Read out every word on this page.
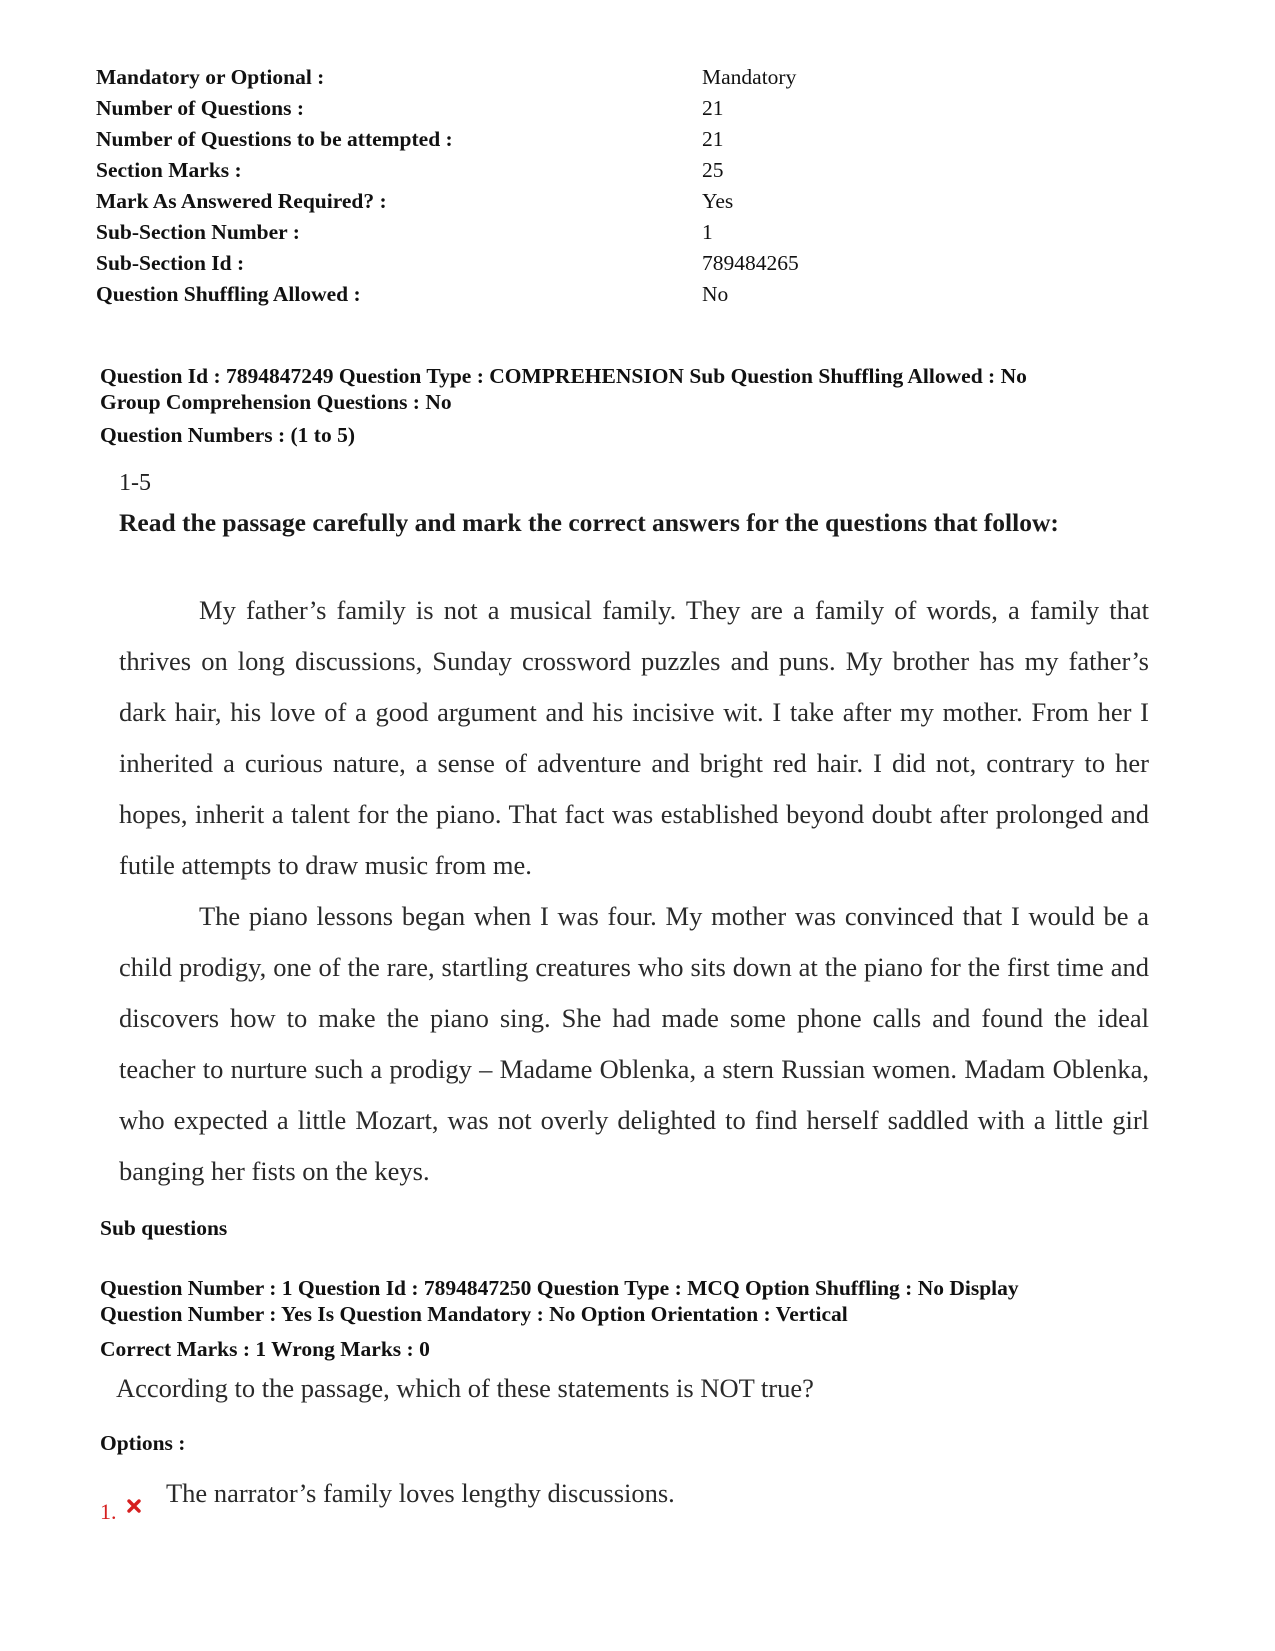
Mandatory or Optional :	Mandatory
Number of Questions :	21
Number of Questions to be attempted :	21
Section Marks :	25
Mark As Answered Required? :	Yes
Sub-Section Number :	1
Sub-Section Id :	789484265
Question Shuffling Allowed :	No
Question Id : 7894847249 Question Type : COMPREHENSION Sub Question Shuffling Allowed : No
Group Comprehension Questions : No
Question Numbers : (1 to 5)
1-5
Read the passage carefully and mark the correct answers for the questions that follow:

My father’s family is not a musical family. They are a family of words, a family that thrives on long discussions, Sunday crossword puzzles and puns. My brother has my father’s dark hair, his love of a good argument and his incisive wit. I take after my mother. From her I inherited a curious nature, a sense of adventure and bright red hair. I did not, contrary to her hopes, inherit a talent for the piano. That fact was established beyond doubt after prolonged and futile attempts to draw music from me.

The piano lessons began when I was four. My mother was convinced that I would be a child prodigy, one of the rare, startling creatures who sits down at the piano for the first time and discovers how to make the piano sing. She had made some phone calls and found the ideal teacher to nurture such a prodigy – Madame Oblenka, a stern Russian women. Madam Oblenka, who expected a little Mozart, was not overly delighted to find herself saddled with a little girl banging her fists on the keys.

Sub questions
Question Number : 1 Question Id : 7894847250 Question Type : MCQ Option Shuffling : No Display
Question Number : Yes Is Question Mandatory : No Option Orientation : Vertical
Correct Marks : 1 Wrong Marks : 0
According to the passage, which of these statements is NOT true?
Options :
1.
The narrator’s family loves lengthy discussions.
